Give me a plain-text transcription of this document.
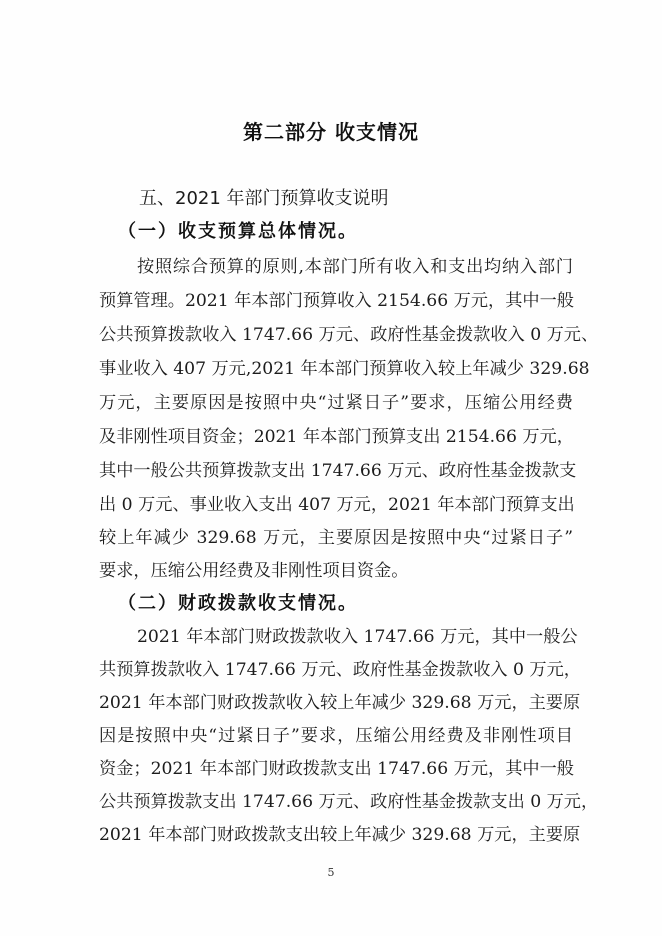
第二部分 收支情况
五、2021 年部门预算收支说明
（一）收支预算总体情况。
按照综合预算的原则,本部门所有收入和支出均纳入部门
预算管理。2021 年本部门预算收入 2154.66 万元，其中一般
公共预算拨款收入 1747.66 万元、政府性基金拨款收入 0 万元、
事业收入 407 万元,2021 年本部门预算收入较上年减少 329.68
万元，主要原因是按照中央“过紧日子”要求，压缩公用经费
及非刚性项目资金；2021 年本部门预算支出 2154.66 万元，
其中一般公共预算拨款支出 1747.66 万元、政府性基金拨款支
出 0 万元、事业收入支出 407 万元，2021 年本部门预算支出
较上年减少 329.68 万元，主要原因是按照中央“过紧日子”
要求，压缩公用经费及非刚性项目资金。
（二）财政拨款收支情况。
2021 年本部门财政拨款收入 1747.66 万元，其中一般公
共预算拨款收入 1747.66 万元、政府性基金拨款收入 0 万元，
2021 年本部门财政拨款收入较上年减少 329.68 万元，主要原
因是按照中央“过紧日子”要求，压缩公用经费及非刚性项目
资金；2021 年本部门财政拨款支出 1747.66 万元，其中一般
公共预算拨款支出 1747.66 万元、政府性基金拨款支出 0 万元，
2021 年本部门财政拨款支出较上年减少 329.68 万元，主要原
5
